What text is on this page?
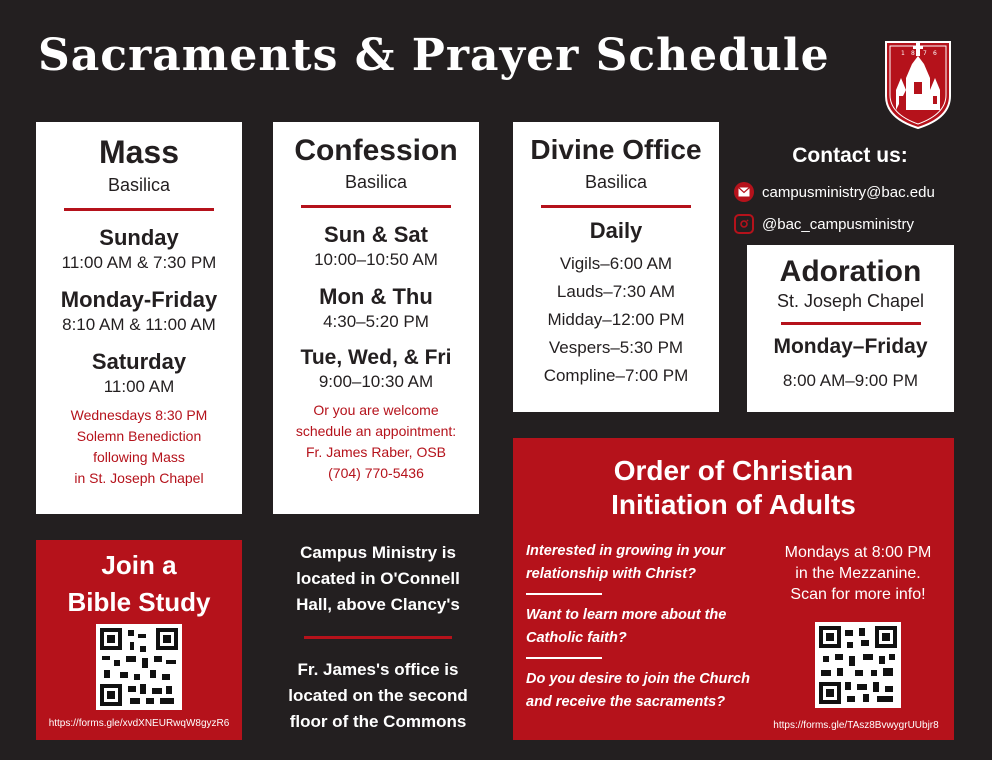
Sacraments & Prayer Schedule	1 8 7 6
Mass
Basilica
Sunday
11:00 AM & 7:30 PM
Monday-Friday
8:10 AM & 11:00 AM
Saturday
11:00 AM
Wednesdays 8:30 PM
Solemn Benediction
following Mass
in St. Joseph Chapel
Confession
Basilica
Sun & Sat
10:00–10:50 AM
Mon & Thu
4:30–5:20 PM
Tue, Wed, & Fri
9:00–10:30 AM
Or you are welcome
schedule an appointment:
Fr. James Raber, OSB
(704) 770-5436
Divine Office
Basilica
Daily
Vigils–6:00 AM
Lauds–7:30 AM
Midday–12:00 PM
Vespers–5:30 PM
Compline–7:00 PM
Contact us:
campusministry@bac.edu
@bac_campusministry
Adoration
St. Joseph Chapel
Monday–Friday
8:00 AM–9:00 PM
Join a
Bible Study
https://forms.gle/xvdXNEURwqW8gyzR6
Campus Ministry is
located in O'Connell
Hall, above Clancy's
Fr. James's office is
located on the second
floor of the Commons
Order of Christian
Initiation of Adults
Interested in growing in your
relationship with Christ?
Want to learn more about the
Catholic faith?
Do you desire to join the Church
and receive the sacraments?
Mondays at 8:00 PM
in the Mezzanine.
Scan for more info!
https://forms.gle/TAsz8BvwygrUUbjr8
